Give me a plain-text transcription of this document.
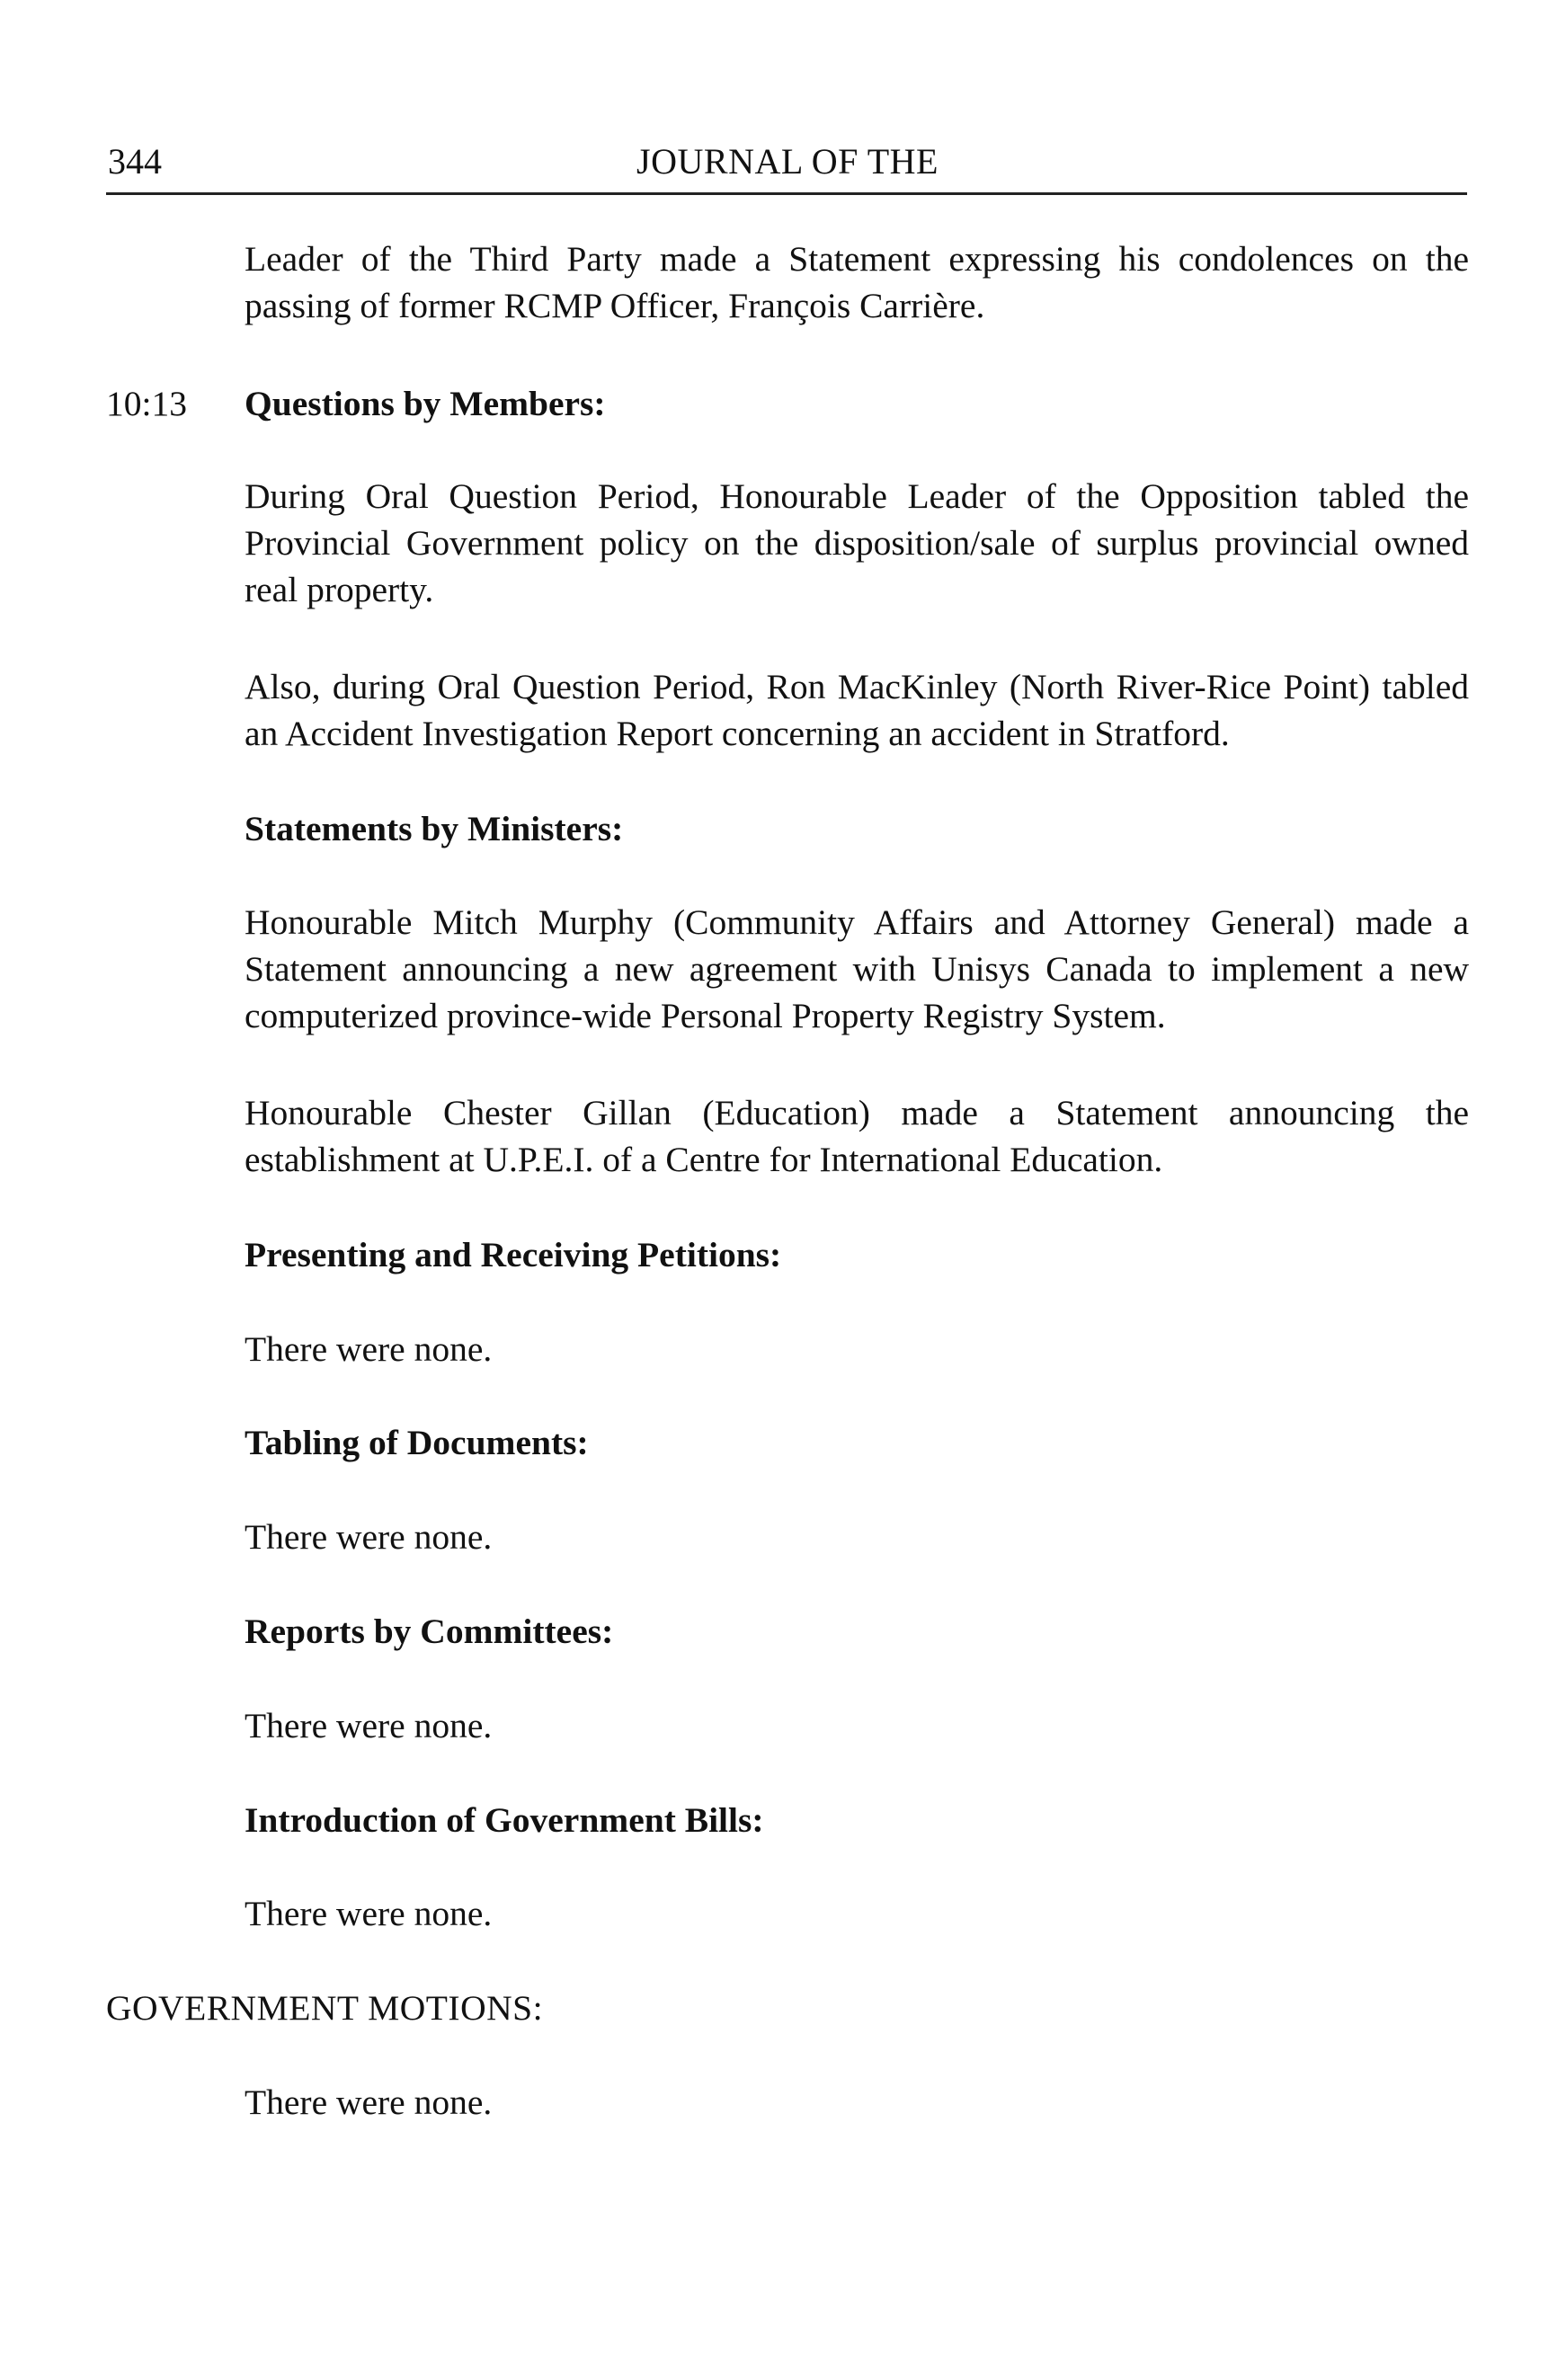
344	JOURNAL OF THE

Leader of the Third Party made a Statement expressing his condolences on the passing of former RCMP Officer, François Carrière.

10:13 Questions by Members:

During Oral Question Period, Honourable Leader of the Opposition tabled the Provincial Government policy on the disposition/sale of surplus provincial owned real property.

Also, during Oral Question Period, Ron MacKinley (North River-Rice Point) tabled an Accident Investigation Report concerning an accident in Stratford.

Statements by Ministers:

Honourable Mitch Murphy (Community Affairs and Attorney General) made a Statement announcing a new agreement with Unisys Canada to implement a new computerized province-wide Personal Property Registry System.

Honourable Chester Gillan (Education) made a Statement announcing the establishment at U.P.E.I. of a Centre for International Education.

Presenting and Receiving Petitions:

There were none.

Tabling of Documents:

There were none.

Reports by Committees:

There were none.

Introduction of Government Bills:

There were none.

GOVERNMENT MOTIONS:

There were none.
